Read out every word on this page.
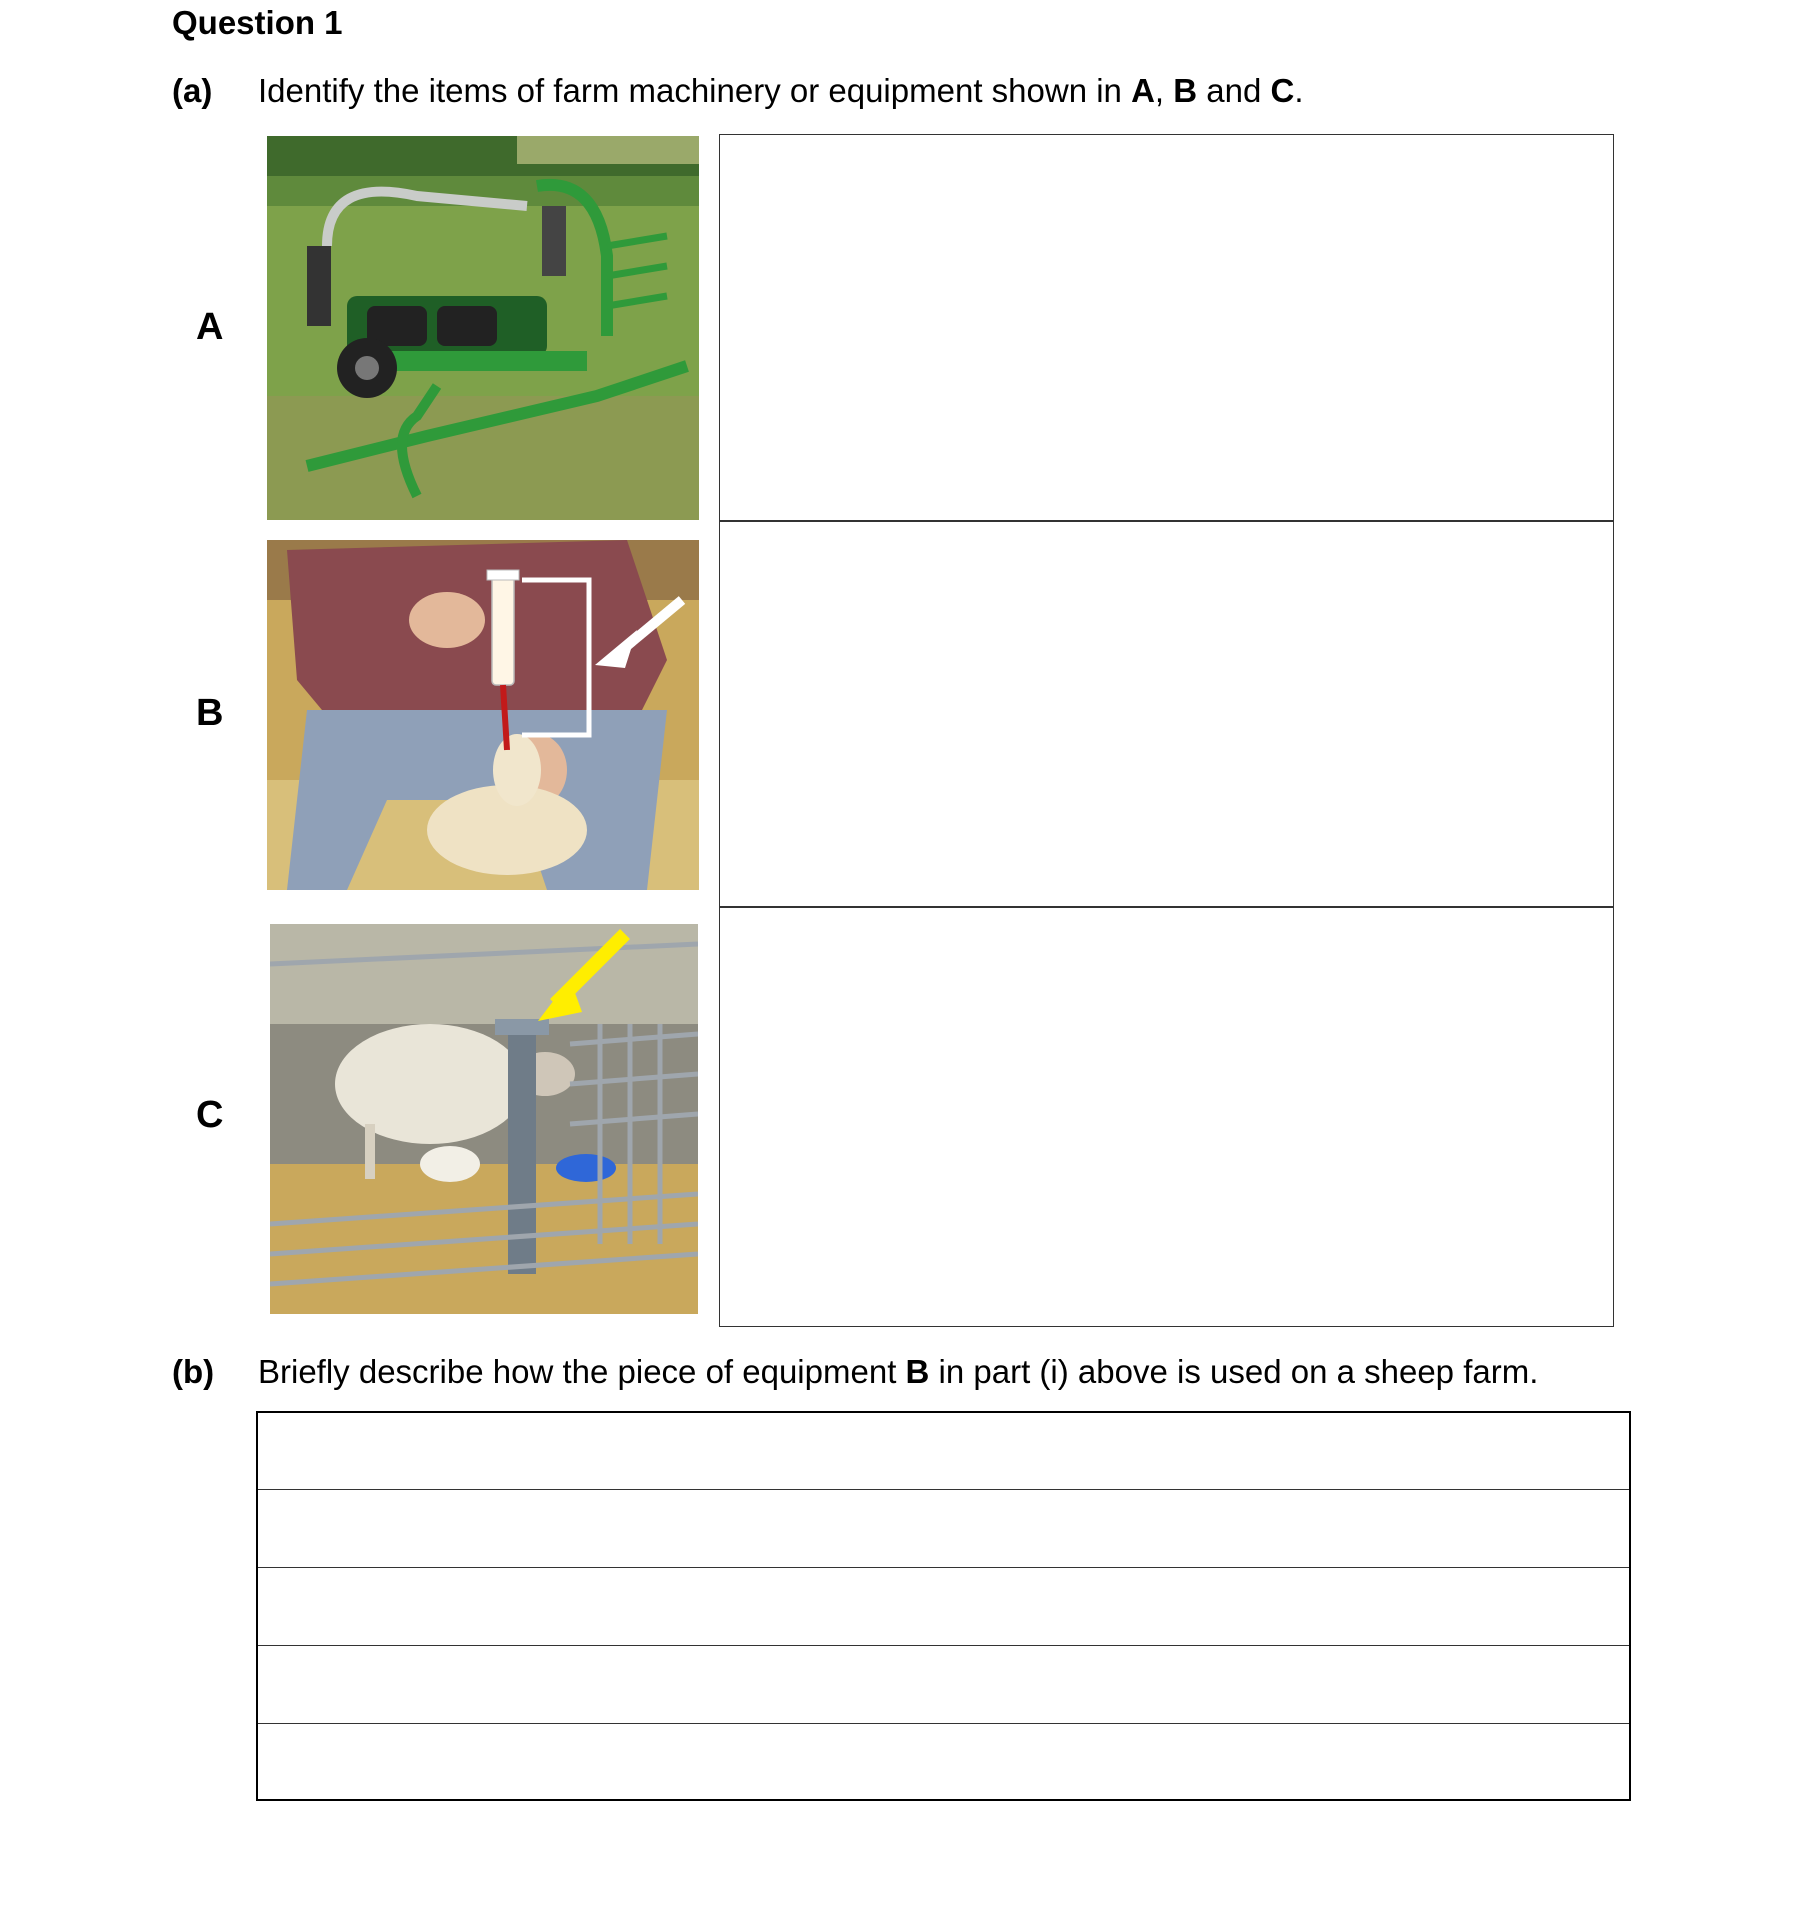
Question 1
(a) Identify the items of farm machinery or equipment shown in A, B and C.
A
B
C
(b) Briefly describe how the piece of equipment B in part (i) above is used on a sheep farm.
